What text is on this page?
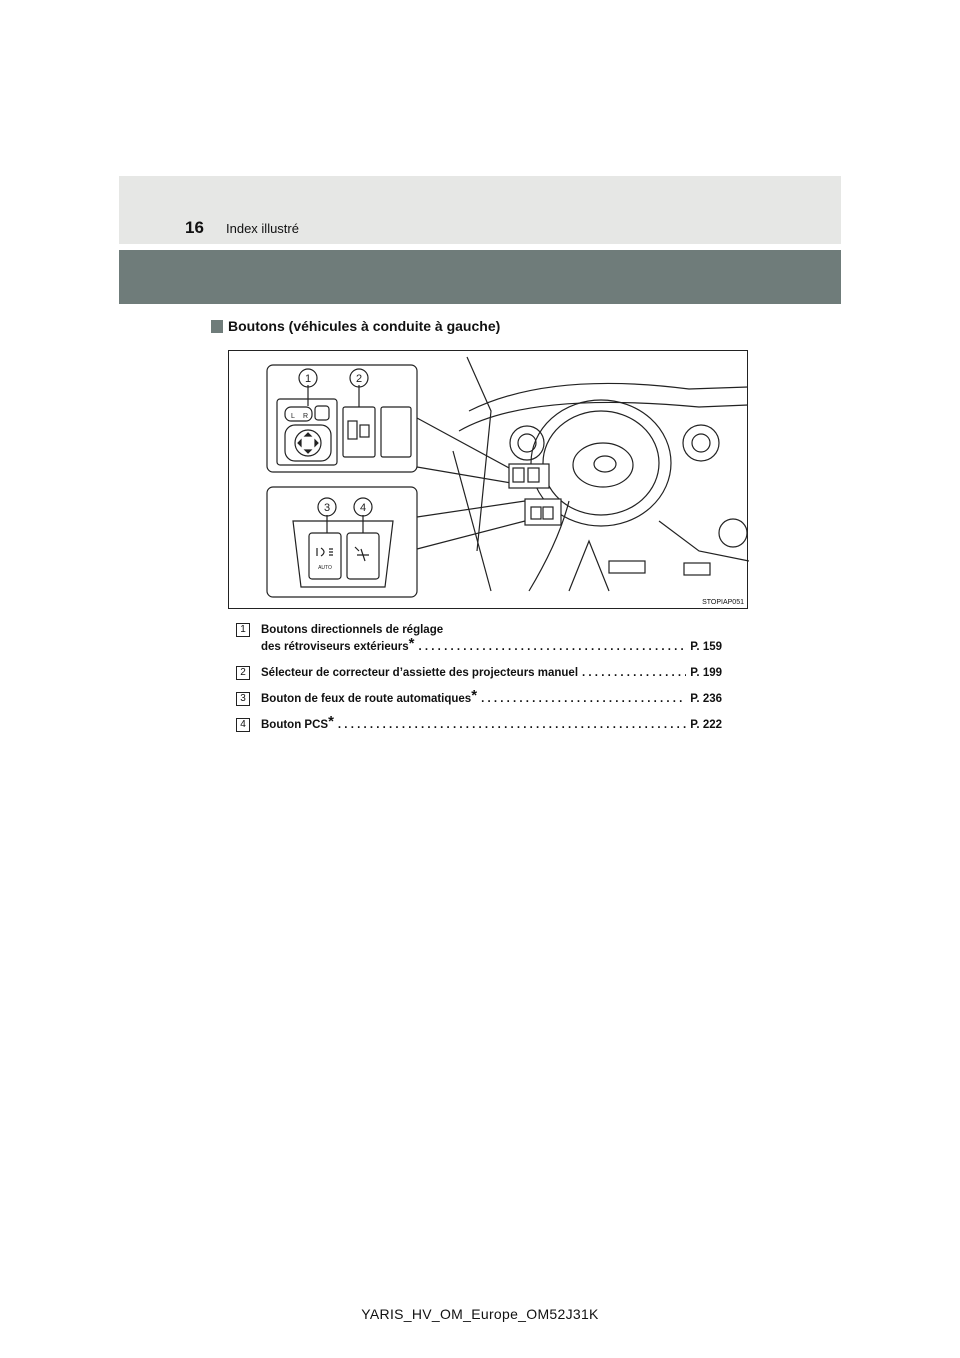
16 Index illustré
Boutons (véhicules à conduite à gauche)
1	2
3	4
L R
AUTO
STOPIAP051
1	Boutons directionnels de réglage
des rétroviseurs extérieurs* . . .	P. 159
2	Sélecteur de correcteur d’assiette des projecteurs manuel . . .	P. 199
3	Bouton de feux de route automatiques* . . .	P. 236
4	Bouton PCS* . . .	P. 222
YARIS_HV_OM_Europe_OM52J31K
